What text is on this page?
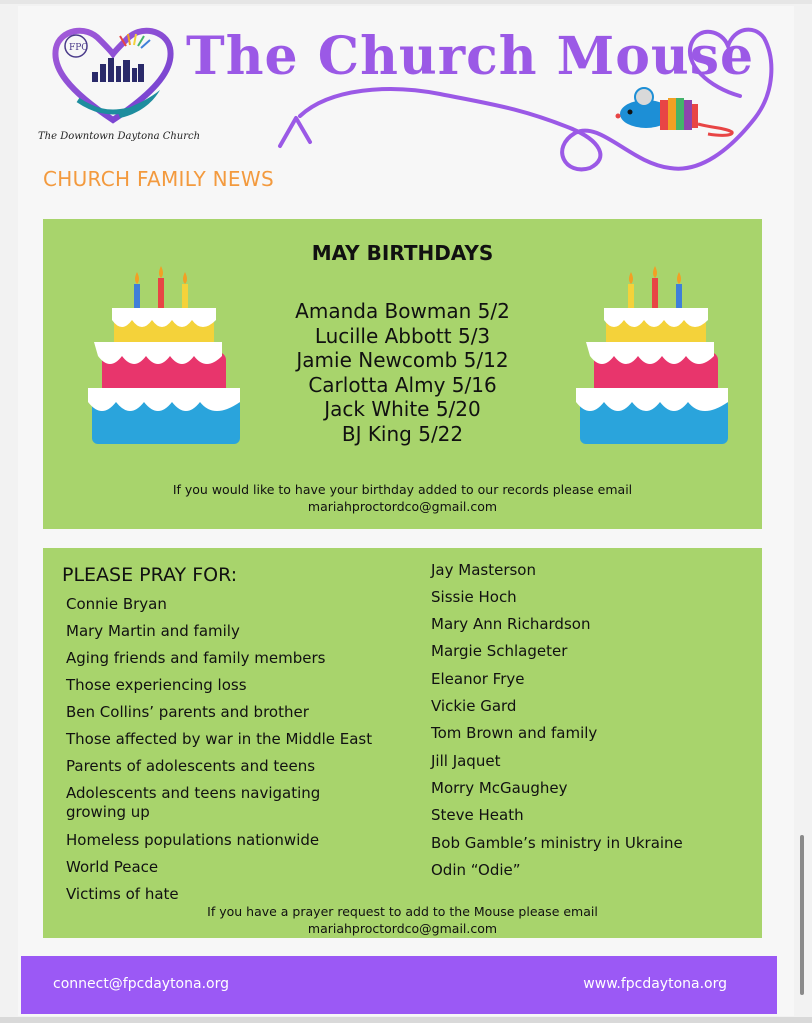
FPC
The Downtown Daytona Church
The Church Mouse
CHURCH FAMILY NEWS
MAY BIRTHDAYS
Amanda Bowman 5/2
Lucille Abbott 5/3
Jamie Newcomb 5/12
Carlotta Almy 5/16
Jack White 5/20
BJ King 5/22
If you would like to have your birthday added to our records please email
mariahproctordco@gmail.com
PLEASE PRAY FOR:
Connie Bryan
Mary Martin and family
Aging friends and family members
Those experiencing loss
Ben Collins’ parents and brother
Those affected by war in the Middle East
Parents of adolescents and teens
Adolescents and teens navigating
growing up
Homeless populations nationwide
World Peace
Victims of hate
Jay Masterson
Sissie Hoch
Mary Ann Richardson
Margie Schlageter
Eleanor Frye
Vickie Gard
Tom Brown and family
Jill Jaquet
Morry McGaughey
Steve Heath
Bob Gamble’s ministry in Ukraine
Odin “Odie”
If you have a prayer request to add to the Mouse please email
mariahproctordco@gmail.com
connect@fpcdaytona.org	www.fpcdaytona.org
